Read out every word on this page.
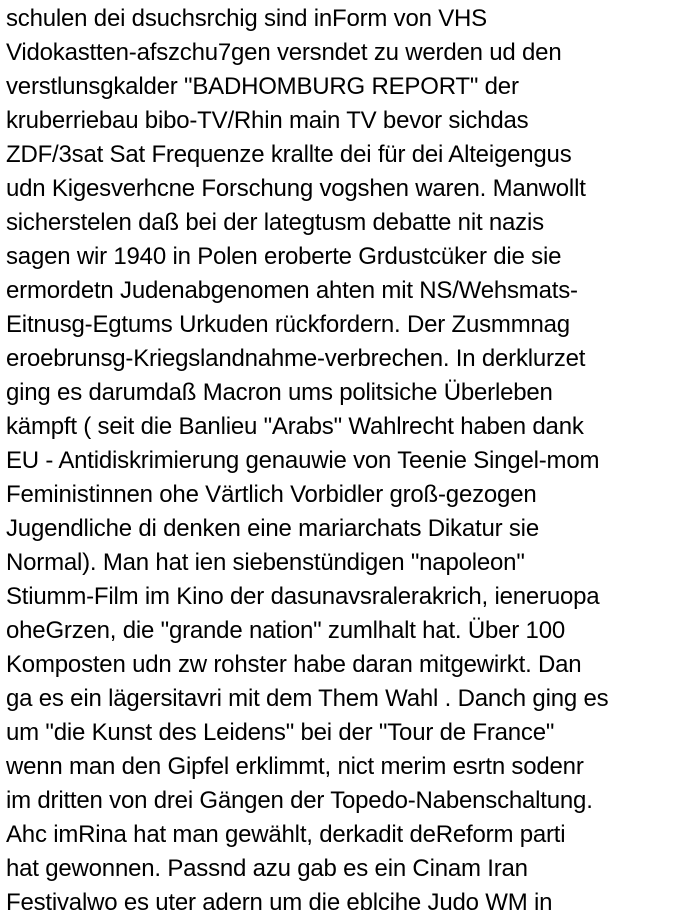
schulen dei dsuchsrchig sind inForm von VHS
Vidokastten-afszchu7gen versndet zu werden ud den
verstlunsgkalder "BADHOMBURG REPORT" der
kruberriebau bibo-TV/Rhin main TV bevor sichdas
ZDF/3sat Sat Frequenze krallte dei für dei Alteigengus
udn Kigesverhcne Forschung vogshen waren. Manwollt
sicherstelen daß bei der lategtusm debatte nit nazis
sagen wir 1940 in Polen eroberte Grdustcüker die sie
ermordetn Judenabgenomen ahten mit NS/Wehsmats-
Eitnusg-Egtums Urkuden rückfordern. Der Zusmmnag
eroebrunsg-Kriegslandnahme-verbrechen. In derklurzet
ging es darumdaß Macron ums politsiche Überleben
kämpft ( seit die Banlieu "Arabs" Wahlrecht haben dank
EU - Antidiskrimierung genauwie von Teenie Singel-mom
Feministinnen ohe Värtlich Vorbidler groß-gezogen
Jugendliche di denken eine mariarchats Dikatur sie
Normal). Man hat ien siebenstündigen "napoleon"
Stiumm-Film im Kino der dasunavsralerakrich, ieneruopa
oheGrzen, die "grande nation" zumlhalt hat. Über 100
Komposten udn zw rohster habe daran mitgewirkt. Dan
ga es ein lägersitavri mit dem Them Wahl . Danch ging es
um "die Kunst des Leidens" bei der "Tour de France"
wenn man den Gipfel erklimmt, nict merim esrtn sodenr
im dritten von drei Gängen der Topedo-Nabenschaltung.
Ahc imRina hat man gewählt, derkadit deReform parti
hat gewonnen. Passnd azu gab es ein Cinam Iran
Festivalwo es uter adern um die eblcihe Judo WM in
